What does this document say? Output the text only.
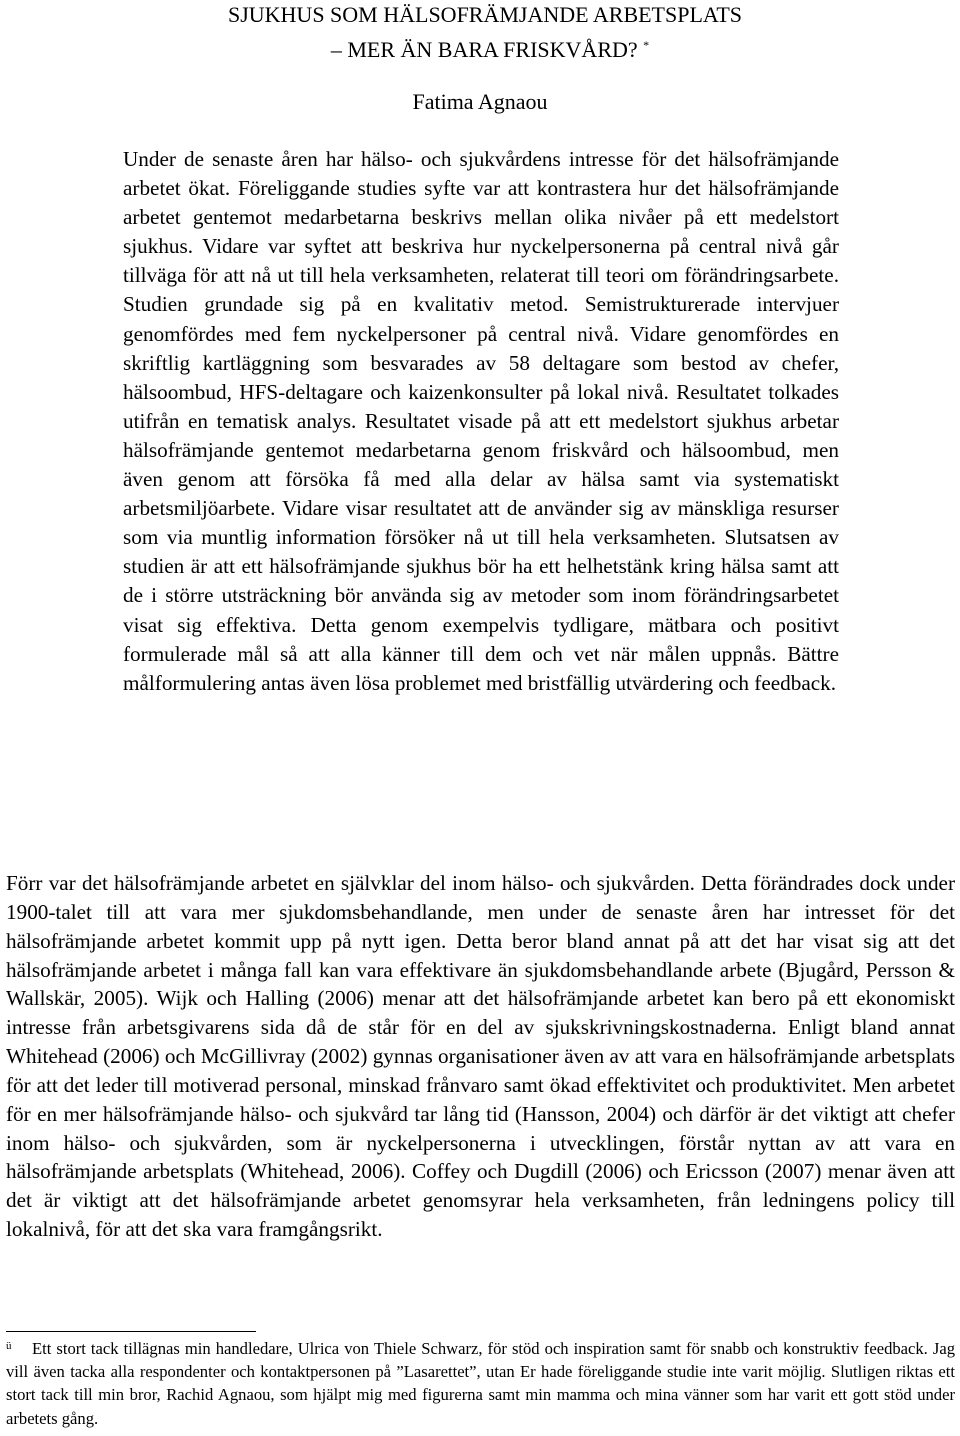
SJUKHUS SOM HÄLSOFRÄMJANDE ARBETSPLATS
– MER ÄN BARA FRISKVÅRD? *
Fatima Agnaou

Under de senaste åren har hälso- och sjukvårdens intresse för det hälsofrämjande arbetet ökat. Föreliggande studies syfte var att kontrastera hur det hälsofrämjande arbetet gentemot medarbetarna beskrivs mellan olika nivåer på ett medelstort sjukhus. Vidare var syftet att beskriva hur nyckelpersonerna på central nivå går tillväga för att nå ut till hela verksamheten, relaterat till teori om förändringsarbete. Studien grundade sig på en kvalitativ metod. Semistrukturerade intervjuer genomfördes med fem nyckelpersoner på central nivå. Vidare genomfördes en skriftlig kartläggning som besvarades av 58 deltagare som bestod av chefer, hälsoombud, HFS-deltagare och kaizenkonsulter på lokal nivå. Resultatet tolkades utifrån en tematisk analys. Resultatet visade på att ett medelstort sjukhus arbetar hälsofrämjande gentemot medarbetarna genom friskvård och hälsoombud, men även genom att försöka få med alla delar av hälsa samt via systematiskt arbetsmiljöarbete. Vidare visar resultatet att de använder sig av mänskliga resurser som via muntlig information försöker nå ut till hela verksamheten. Slutsatsen av studien är att ett hälsofrämjande sjukhus bör ha ett helhetstänk kring hälsa samt att de i större utsträckning bör använda sig av metoder som inom förändringsarbetet visat sig effektiva. Detta genom exempelvis tydligare, mätbara och positivt formulerade mål så att alla känner till dem och vet när målen uppnås. Bättre målformulering antas även lösa problemet med bristfällig utvärdering och feedback.

Förr var det hälsofrämjande arbetet en självklar del inom hälso- och sjukvården. Detta förändrades dock under 1900-talet till att vara mer sjukdomsbehandlande, men under de senaste åren har intresset för det hälsofrämjande arbetet kommit upp på nytt igen. Detta beror bland annat på att det har visat sig att det hälsofrämjande arbetet i många fall kan vara effektivare än sjukdomsbehandlande arbete (Bjugård, Persson & Wallskär, 2005). Wijk och Halling (2006) menar att det hälsofrämjande arbetet kan bero på ett ekonomiskt intresse från arbetsgivarens sida då de står för en del av sjukskrivningskostnaderna. Enligt bland annat Whitehead (2006) och McGillivray (2002) gynnas organisationer även av att vara en hälsofrämjande arbetsplats för att det leder till motiverad personal, minskad frånvaro samt ökad effektivitet och produktivitet. Men arbetet för en mer hälsofrämjande hälso- och sjukvård tar lång tid (Hansson, 2004) och därför är det viktigt att chefer inom hälso- och sjukvården, som är nyckelpersonerna i utvecklingen, förstår nyttan av att vara en hälsofrämjande arbetsplats (Whitehead, 2006). Coffey och Dugdill (2006) och Ericsson (2007) menar även att det är viktigt att det hälsofrämjande arbetet genomsyrar hela verksamheten, från ledningens policy till lokalnivå, för att det ska vara framgångsrikt.

ü Ett stort tack tillägnas min handledare, Ulrica von Thiele Schwarz, för stöd och inspiration samt för snabb och konstruktiv feedback. Jag vill även tacka alla respondenter och kontaktpersonen på ”Lasarettet”, utan Er hade föreliggande studie inte varit möjlig. Slutligen riktas ett stort tack till min bror, Rachid Agnaou, som hjälpt mig med figurerna samt min mamma och mina vänner som har varit ett gott stöd under arbetets gång.
